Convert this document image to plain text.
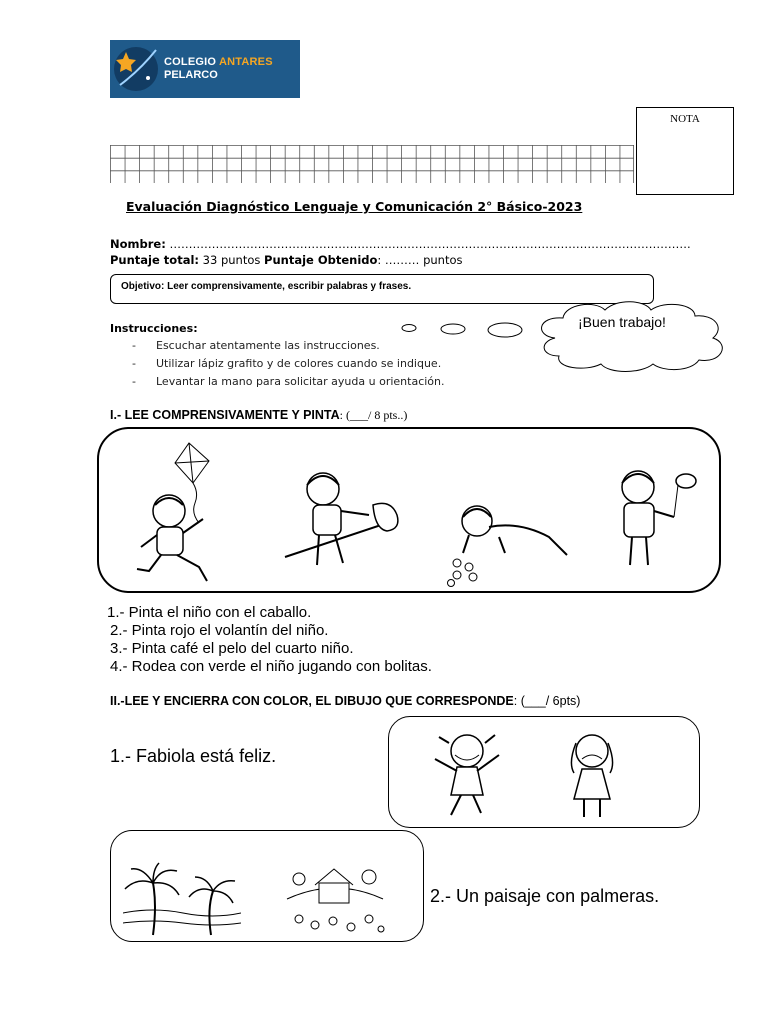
COLEGIO ANTARES
PELARCO
NOTA
Evaluación Diagnóstico Lenguaje y Comunicación 2° Básico-2023
Nombre: ……………………………………………………………………………………………………………………….
Puntaje total: 33 puntos Puntaje Obtenido: ……… puntos
Objetivo: Leer comprensivamente, escribir palabras y frases.
Instrucciones:
- Escuchar atentamente las instrucciones.
- Utilizar lápiz grafito y de colores cuando se indique.
- Levantar la mano para solicitar ayuda u orientación.
¡Buen trabajo!
I.- LEE COMPRENSIVAMENTE Y PINTA: (___/ 8 pts..)
1.- Pinta el niño con el caballo.
2.- Pinta rojo el volantín del niño.
3.- Pinta café el pelo del cuarto niño.
4.- Rodea con verde el niño jugando con bolitas.
II.-LEE Y ENCIERRA CON COLOR, EL DIBUJO QUE CORRESPONDE: (___/ 6pts)
1.- Fabiola está feliz.
2.- Un paisaje con palmeras.
